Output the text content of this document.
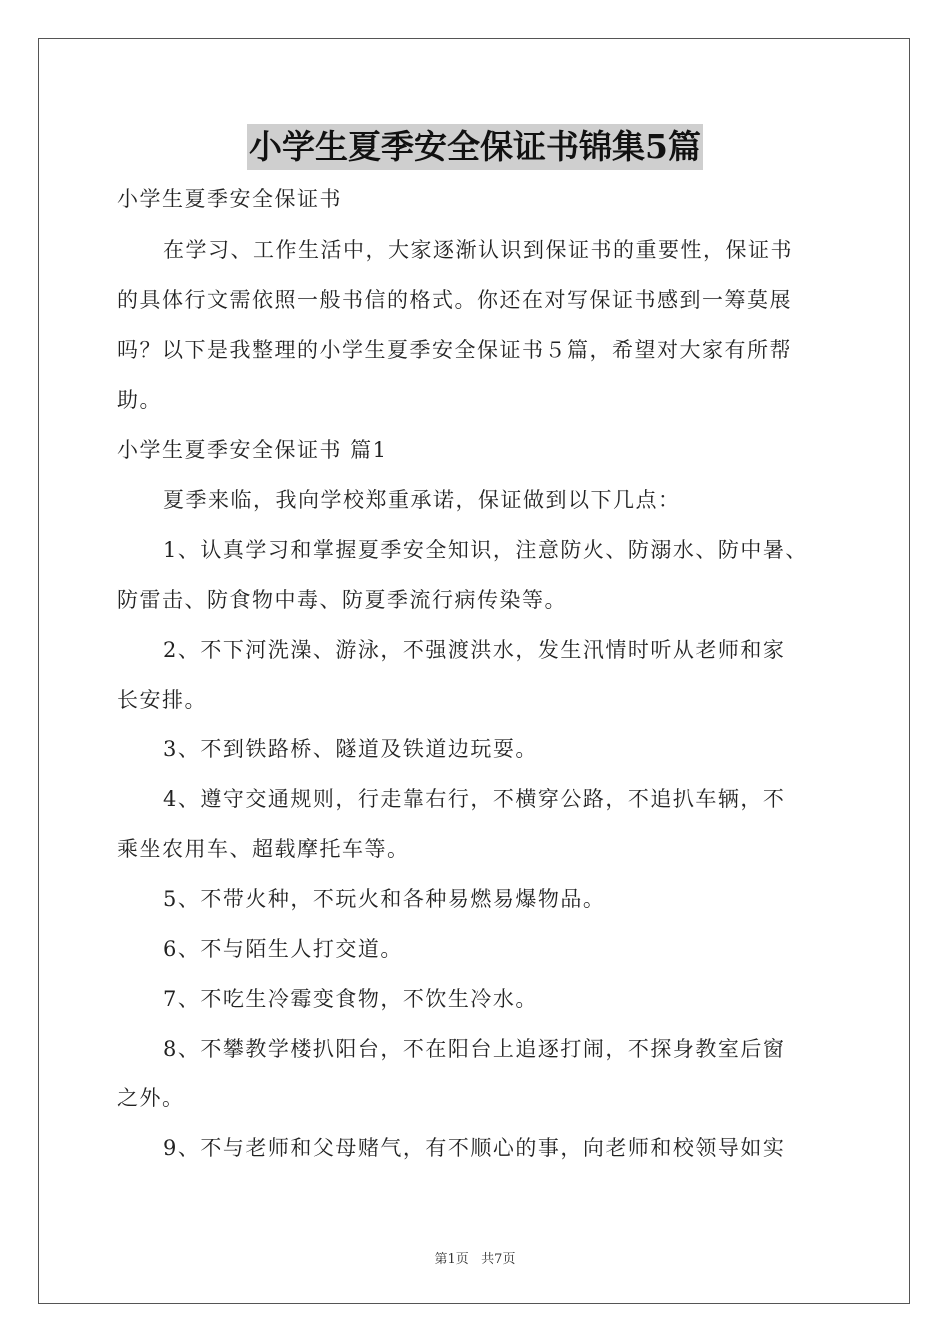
小学生夏季安全保证书锦集5篇
小学生夏季安全保证书
在学习、工作生活中，大家逐渐认识到保证书的重要性，保证书
的具体行文需依照一般书信的格式。你还在对写保证书感到一筹莫展
吗？以下是我整理的小学生夏季安全保证书５篇，希望对大家有所帮
助。
小学生夏季安全保证书 篇1
夏季来临，我向学校郑重承诺，保证做到以下几点：
1、认真学习和掌握夏季安全知识，注意防火、防溺水、防中暑、
防雷击、防食物中毒、防夏季流行病传染等。
2、不下河洗澡、游泳，不强渡洪水，发生汛情时听从老师和家
长安排。
3、不到铁路桥、隧道及铁道边玩耍。
4、遵守交通规则，行走靠右行，不横穿公路，不追扒车辆，不
乘坐农用车、超载摩托车等。
5、不带火种，不玩火和各种易燃易爆物品。
6、不与陌生人打交道。
7、不吃生冷霉变食物，不饮生冷水。
8、不攀教学楼扒阳台，不在阳台上追逐打闹，不探身教室后窗
之外。
9、不与老师和父母赌气，有不顺心的事，向老师和校领导如实
第1页   共7页
